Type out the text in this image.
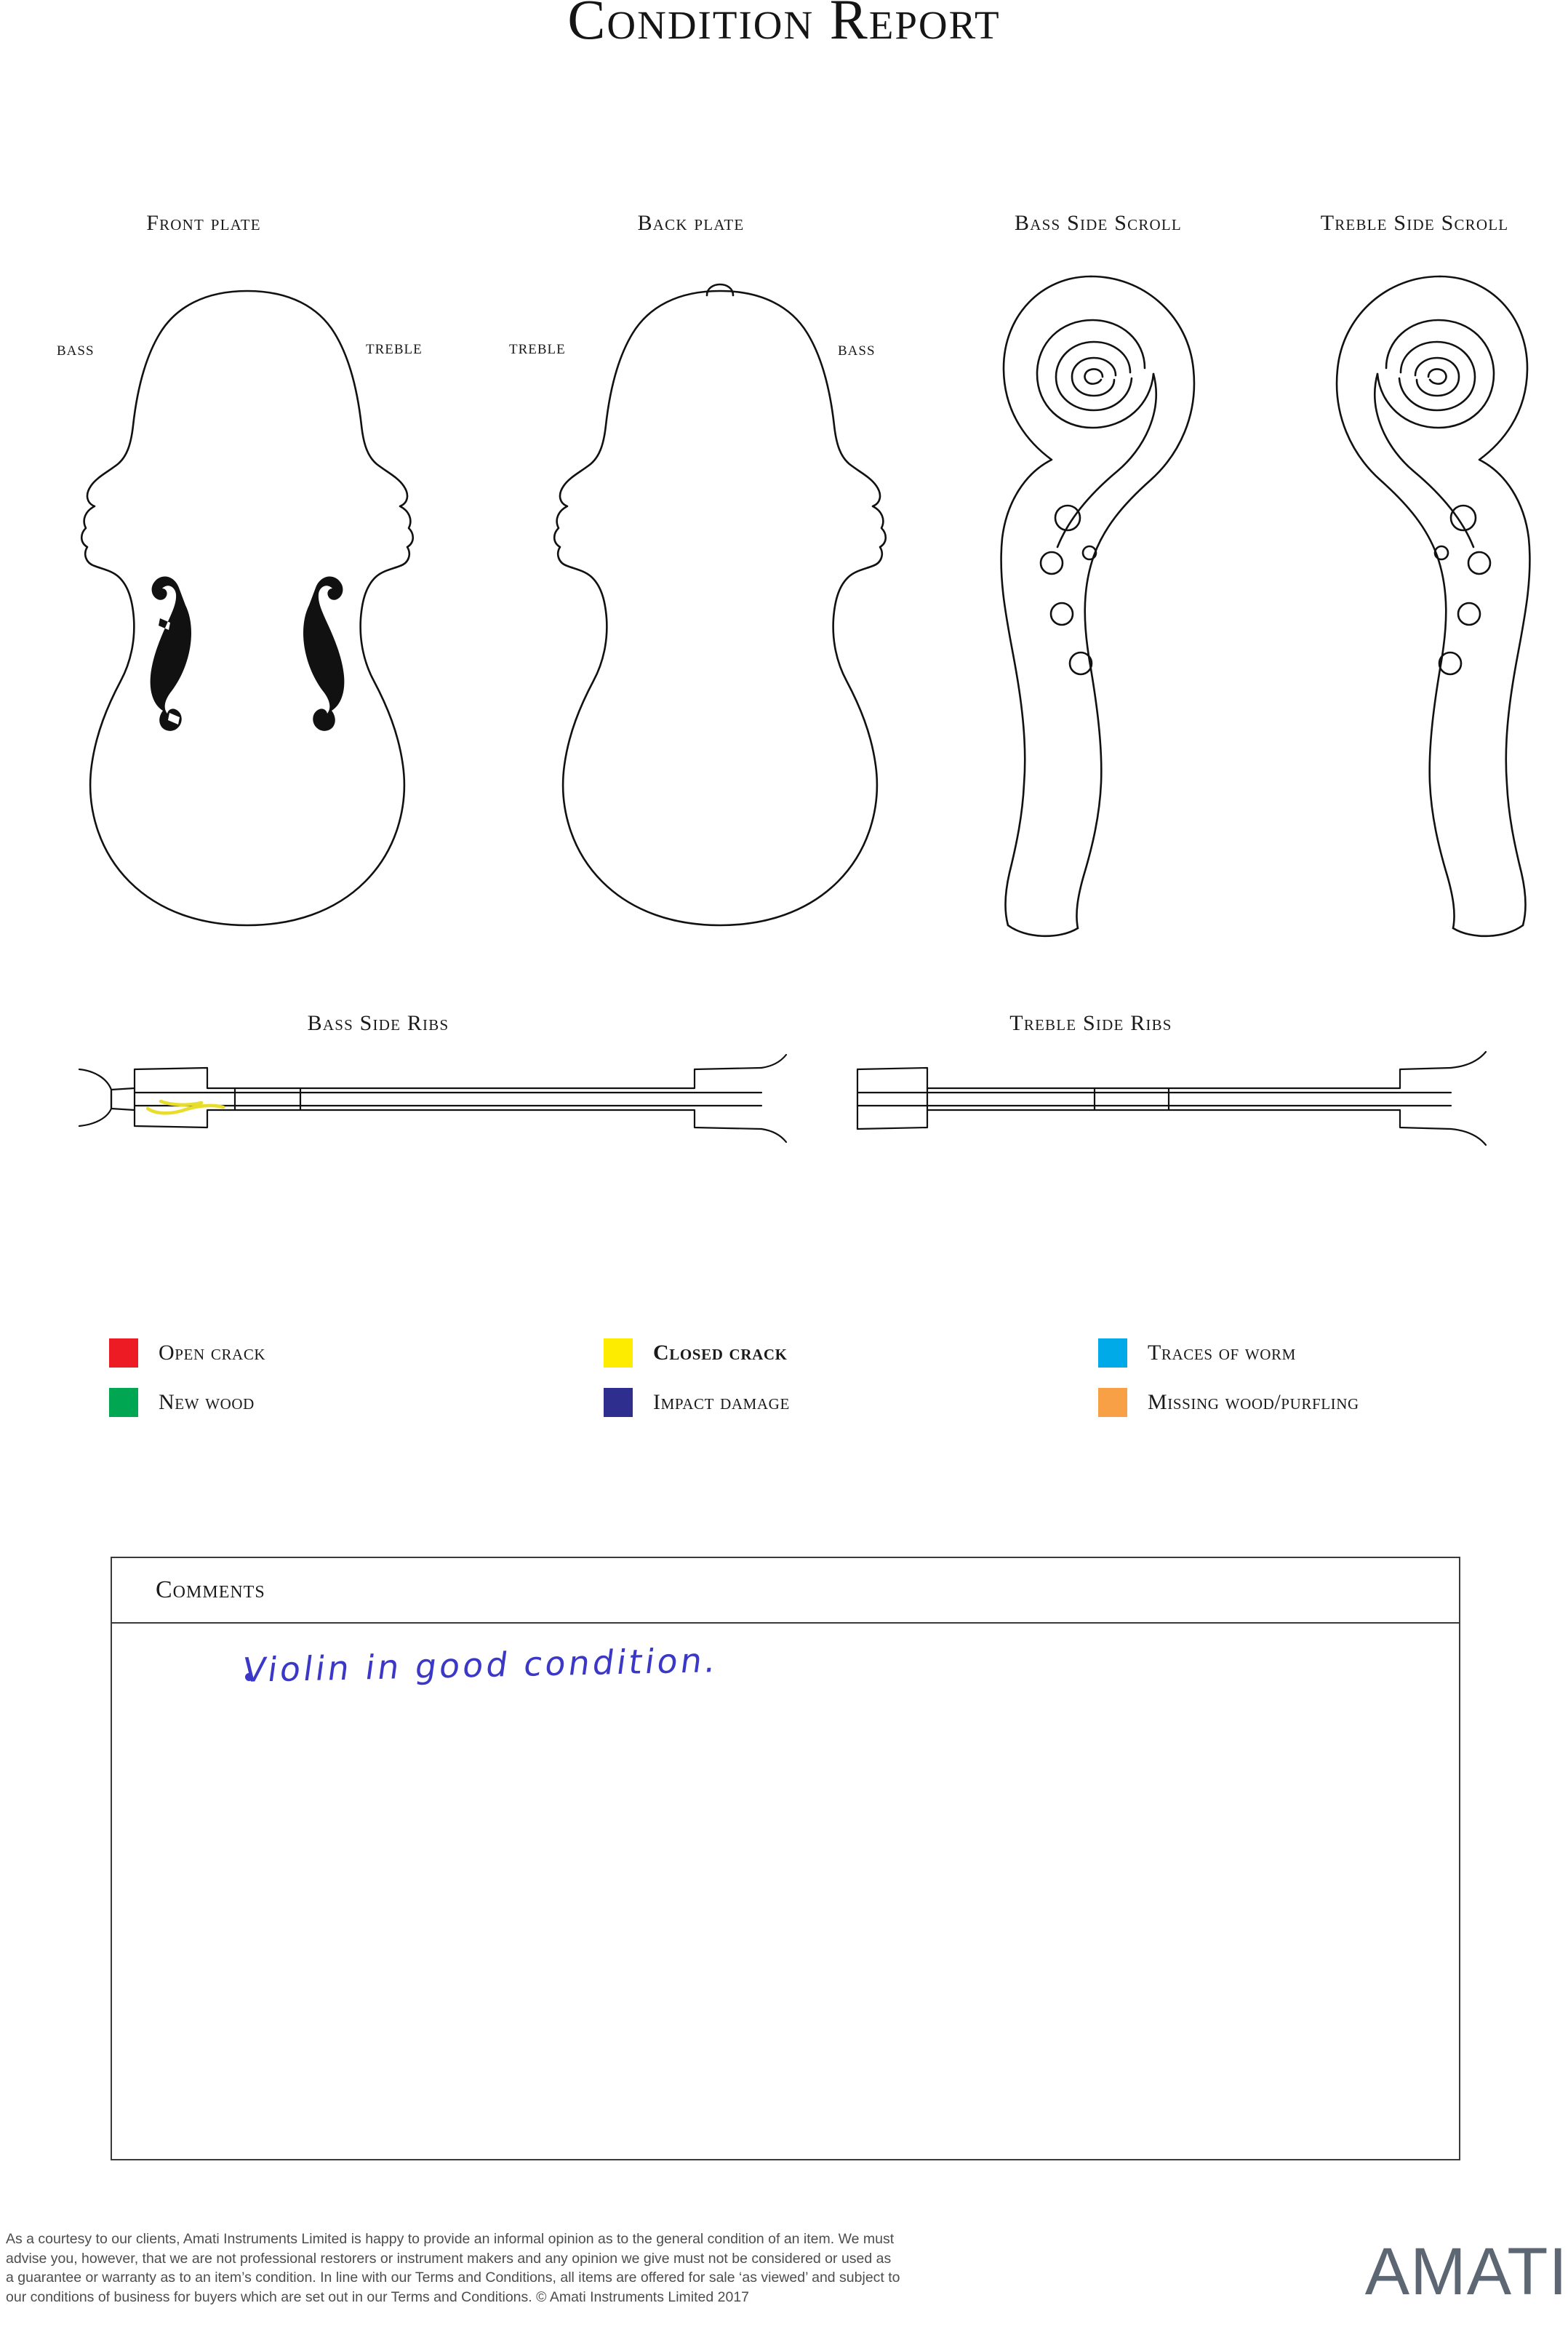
Condition Report
Front plate	Back plate	Bass Side Scroll	Treble Side Scroll
BASS	TREBLE	TREBLE	BASS
Bass Side Ribs	Treble Side Ribs
Open crack	Closed crack	Traces of worm
New wood	Impact damage	Missing wood/purfling
Comments
Violin in good condition.

As a courtesy to our clients, Amati Instruments Limited is happy to provide an informal opinion as to the general condition of an item. We must

advise you, however, that we are not professional restorers or instrument makers and any opinion we give must not be considered or used as

a guarantee or warranty as to an item’s condition. In line with our Terms and Conditions, all items are offered for sale ‘as viewed’ and subject to

our conditions of business for buyers which are set out in our Terms and Conditions. © Amati Instruments Limited 2017	AMATI
